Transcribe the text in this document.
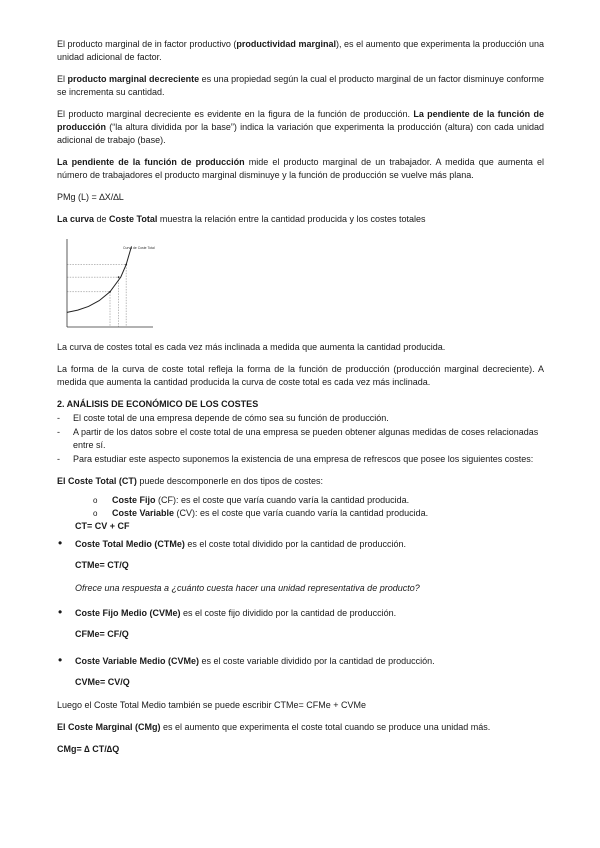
El producto marginal de in factor productivo (productividad marginal), es el aumento que experimenta la producción una unidad adicional de factor.

El producto marginal decreciente es una propiedad según la cual el producto marginal de un factor disminuye conforme se incrementa su cantidad.

El producto marginal decreciente es evidente en la figura de la función de producción. La pendiente de la función de producción (“la altura dividida por la base”) indica la variación que experimenta la producción (altura) con cada unidad adicional de trabajo (base).

La pendiente de la función de producción mide el producto marginal de un trabajador. A medida que aumenta el número de trabajadores el producto marginal disminuye y la función de producción se vuelve más plana.

PMg (L) = ∆X/∆L

La curva de Coste Total muestra la relación entre la cantidad producida y los costes totales

Curva de Coste Total

La curva de costes total es cada vez más inclinada a medida que aumenta la cantidad producida.

La forma de la curva de coste total refleja la forma de la función de producción (producción marginal decreciente). A medida que aumenta la cantidad producida la curva de coste total es cada vez más inclinada.

2. ANÁLISIS DE ECONÓMICO DE LOS COSTES
- El coste total de una empresa depende de cómo sea su función de producción.
- A partir de los datos sobre el coste total de una empresa se pueden obtener algunas medidas de coses relacionadas entre sí.
- Para estudiar este aspecto suponemos la existencia de una empresa de refrescos que posee los siguientes costes:

El Coste Total (CT) puede descomponerle en dos tipos de costes:

o Coste Fijo (CF): es el coste que varía cuando varía la cantidad producida.
o Coste Variable (CV): es el coste que varía cuando varía la cantidad producida.
CT= CV + CF
• Coste Total Medio (CTMe) es el coste total dividido por la cantidad de producción.
CTMe= CT/Q
Ofrece una respuesta a ¿cuánto cuesta hacer una unidad representativa de producto?
• Coste Fijo Medio (CVMe) es el coste fijo dividido por la cantidad de producción.
CFMe= CF/Q
• Coste Variable Medio (CVMe) es el coste variable dividido por la cantidad de producción.
CVMe= CV/Q

Luego el Coste Total Medio también se puede escribir CTMe= CFMe + CVMe

El Coste Marginal (CMg) es el aumento que experimenta el coste total cuando se produce una unidad más.

CMg= ∆ CT/∆Q
